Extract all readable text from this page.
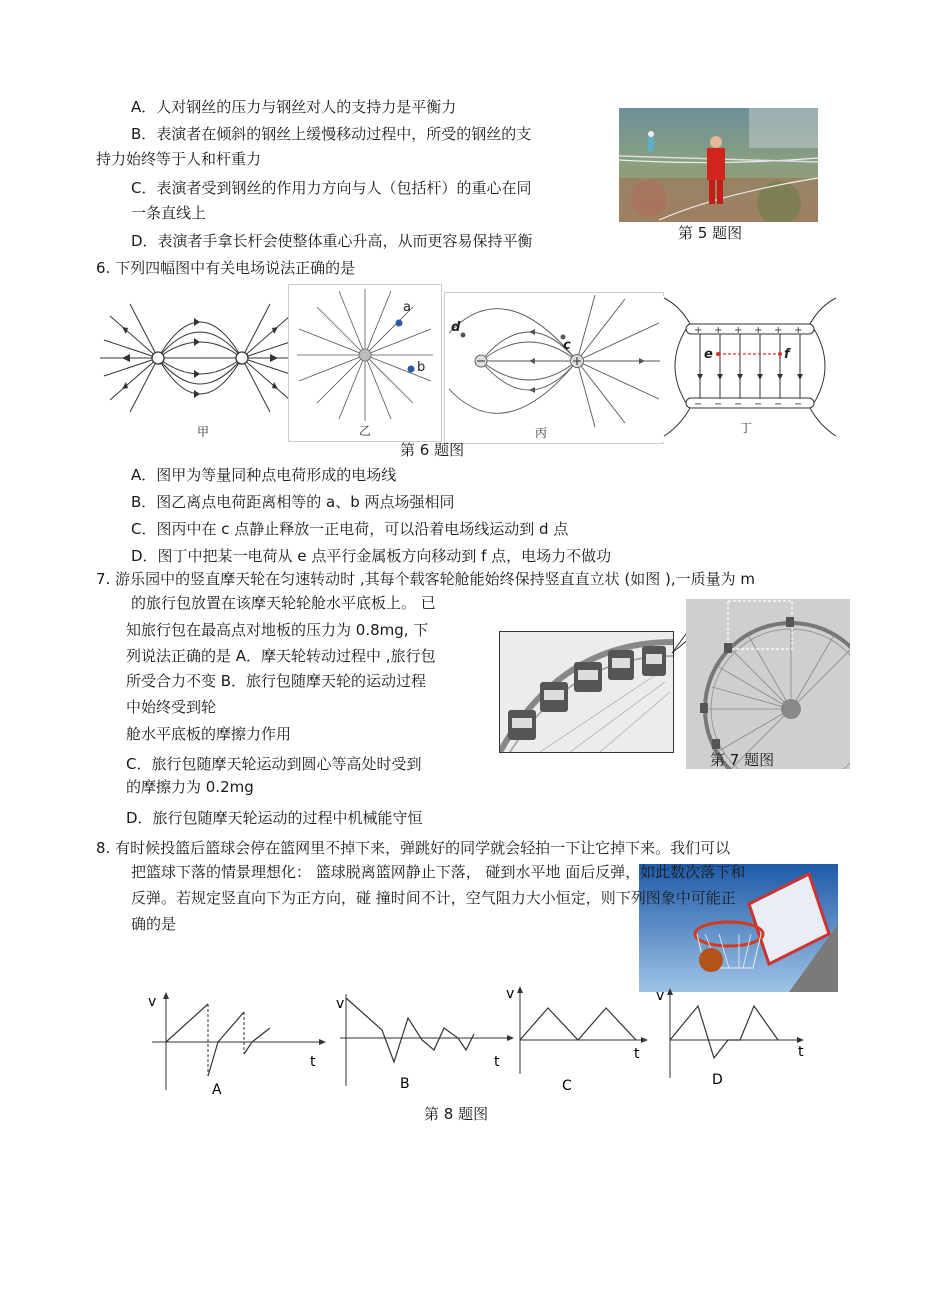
A．人对钢丝的压力与钢丝对人的支持力是平衡力
B．表演者在倾斜的钢丝上缓慢移动过程中，所受的钢丝的支
持力始终等于人和杆重力
C．表演者受到钢丝的作用力方向与人（包括杆）的重心在同
一条直线上
D．表演者手拿长杆会使整体重心升高，从而更容易保持平衡	第 5 题图
6. 下列四幅图中有关电场说法正确的是
甲
a
b
乙
d
c
丙
+ + + + + +
− − − − − −
e	f
丁
第 6 题图
A．图甲为等量同种点电荷形成的电场线
B．图乙离点电荷距离相等的 a、b 两点场强相同
C．图丙中在 c 点静止释放一正电荷，可以沿着电场线运动到 d 点
D．图丁中把某一电荷从 e 点平行金属板方向移动到 f 点，电场力不做功
7. 游乐园中的竖直摩天轮在匀速转动时 ,其每个载客轮舱能始终保持竖直直立状 (如图 ),一质量为 m
的旅行包放置在该摩天轮轮舱水平底板上。 已
知旅行包在最高点对地板的压力为 0.8mg, 下
列说法正确的是 A．摩天轮转动过程中 ,旅行包
所受合力不变 B．旅行包随摩天轮的运动过程
中始终受到轮
舱水平底板的摩擦力作用
C．旅行包随摩天轮运动到圆心等高处时受到
的摩擦力为 0.2mg
D．旅行包随摩天轮运动的过程中机械能守恒
第 7 题图
8. 有时候投篮后篮球会停在篮网里不掉下来，弹跳好的同学就会轻拍一下让它掉下来。我们可以
把篮球下落的情景理想化： 篮球脱离篮网静止下落， 碰到水平地 面后反弹，如此数次落下和
反弹。若规定竖直向下为正方向，碰 撞时间不计，空气阻力大小恒定，则下列图象中可能正
确的是
v
t
A
v
t
B
v
t
C
v
t
D
第 8 题图
